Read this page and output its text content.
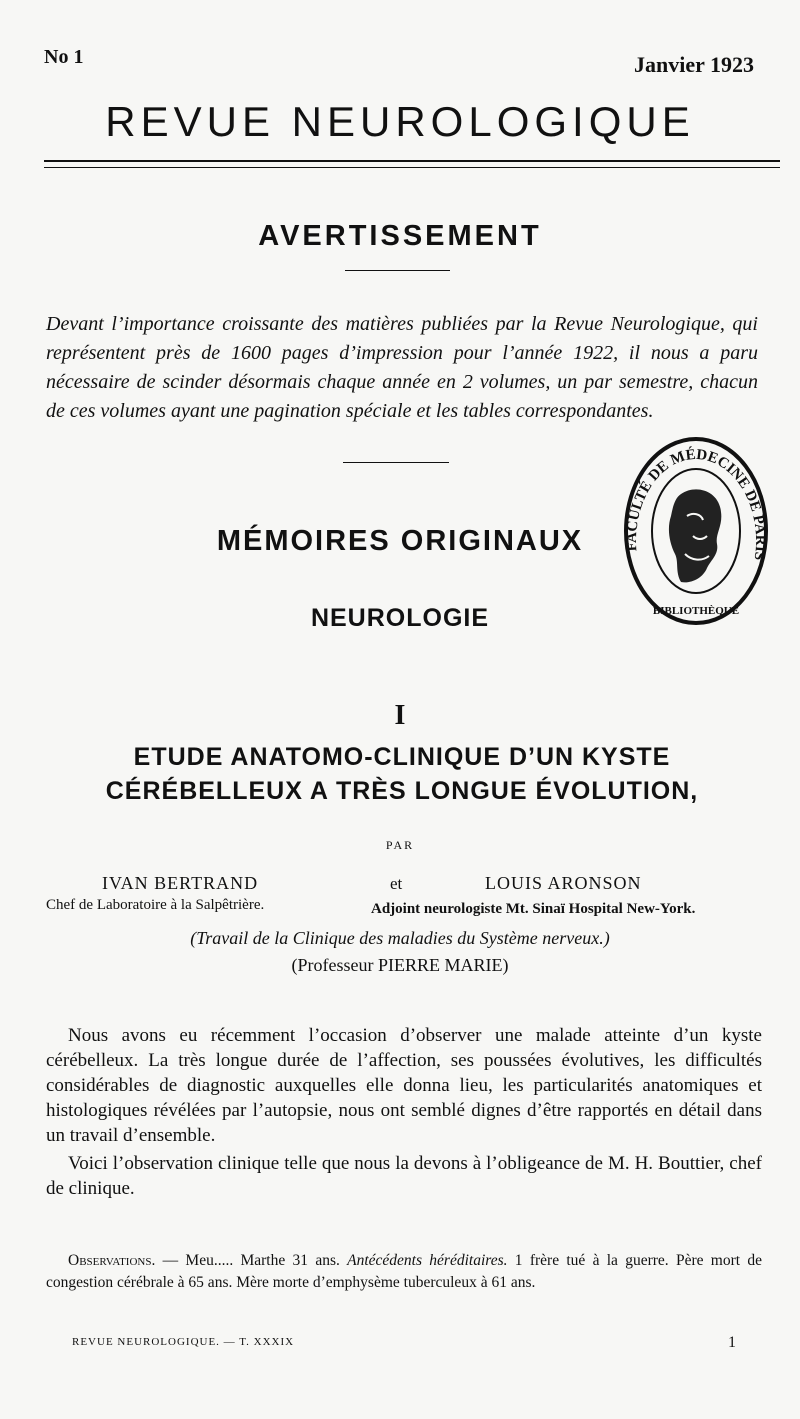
No 1	Janvier 1923
REVUE NEUROLOGIQUE
AVERTISSEMENT
Devant l’importance croissante des matières publiées par la Revue Neurologique, qui représentent près de 1600 pages d’impression pour l’année 1922, il nous a paru nécessaire de scinder désormais chaque année en 2 volumes, un par semestre, chacun de ces volumes ayant une pagination spéciale et les tables correspondantes.
FACULTÉ DE MÉDECINE DE PARIS
BIBLIOTHÈQUE
MÉMOIRES ORIGINAUX
NEUROLOGIE
I
ETUDE ANATOMO-CLINIQUE D’UN KYSTE CÉRÉBELLEUX A TRÈS LONGUE ÉVOLUTION,
PAR
IVAN BERTRAND	et	LOUIS ARONSON
Chef de Laboratoire à la Salpêtrière.	Adjoint neurologiste Mt. Sinaï Hospital New-York.
(Travail de la Clinique des maladies du Système nerveux.)
(Professeur PIERRE MARIE)

Nous avons eu récemment l’occasion d’observer une malade atteinte d’un kyste cérébelleux. La très longue durée de l’affection, ses poussées évolutives, les difficultés considérables de diagnostic auxquelles elle donna lieu, les particularités anatomiques et histologiques révélées par l’autopsie, nous ont semblé dignes d’être rapportés en détail dans un travail d’ensemble.

Voici l’observation clinique telle que nous la devons à l’obligeance de M. H. Bouttier, chef de clinique.

Observations. — Meu..... Marthe 31 ans. Antécédents héréditaires. 1 frère tué à la guerre. Père mort de congestion cérébrale à 65 ans. Mère morte d’emphysème tuberculeux à 61 ans.
REVUE NEUROLOGIQUE. — T. XXXIX	1
